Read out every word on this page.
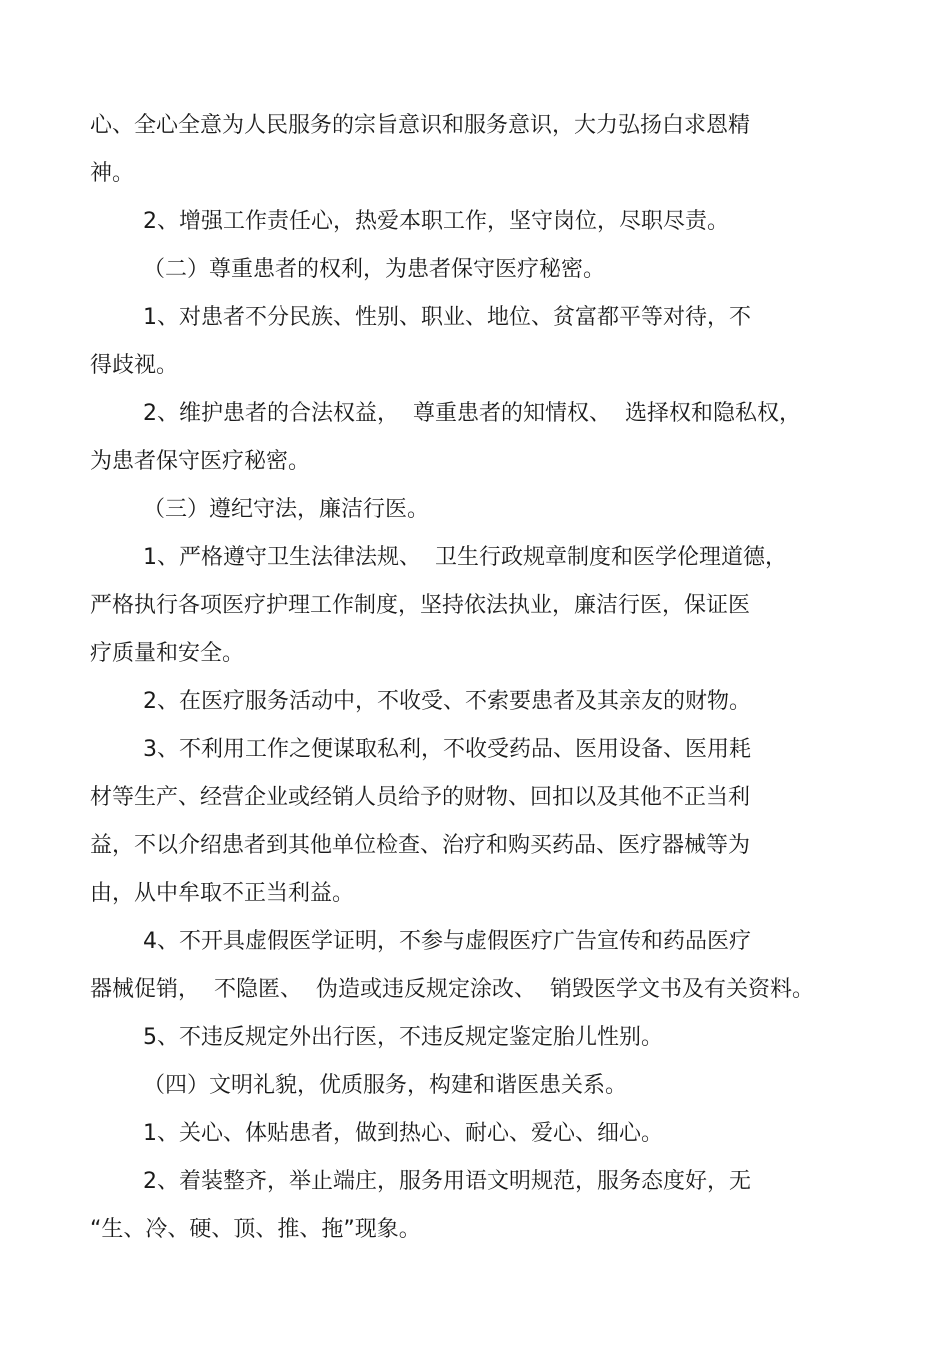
心、全心全意为人民服务的宗旨意识和服务意识，大力弘扬白求恩精
神。
2、增强工作责任心，热爱本职工作，坚守岗位，尽职尽责。
（二）尊重患者的权利，为患者保守医疗秘密。
1、对患者不分民族、性别、职业、地位、贫富都平等对待，不
得歧视。
2、维护患者的合法权益，  尊重患者的知情权、  选择权和隐私权，
为患者保守医疗秘密。
（三）遵纪守法，廉洁行医。
1、严格遵守卫生法律法规、  卫生行政规章制度和医学伦理道德，
严格执行各项医疗护理工作制度，坚持依法执业，廉洁行医，保证医
疗质量和安全。
2、在医疗服务活动中，不收受、不索要患者及其亲友的财物。
3、不利用工作之便谋取私利，不收受药品、医用设备、医用耗
材等生产、经营企业或经销人员给予的财物、回扣以及其他不正当利
益，不以介绍患者到其他单位检查、治疗和购买药品、医疗器械等为
由，从中牟取不正当利益。
4、不开具虚假医学证明，不参与虚假医疗广告宣传和药品医疗
器械促销，  不隐匿、  伪造或违反规定涂改、  销毁医学文书及有关资料。
5、不违反规定外出行医，不违反规定鉴定胎儿性别。
（四）文明礼貌，优质服务，构建和谐医患关系。
1、关心、体贴患者，做到热心、耐心、爱心、细心。
2、着装整齐，举止端庄，服务用语文明规范，服务态度好，无
“生、冷、硬、顶、推、拖”现象。
